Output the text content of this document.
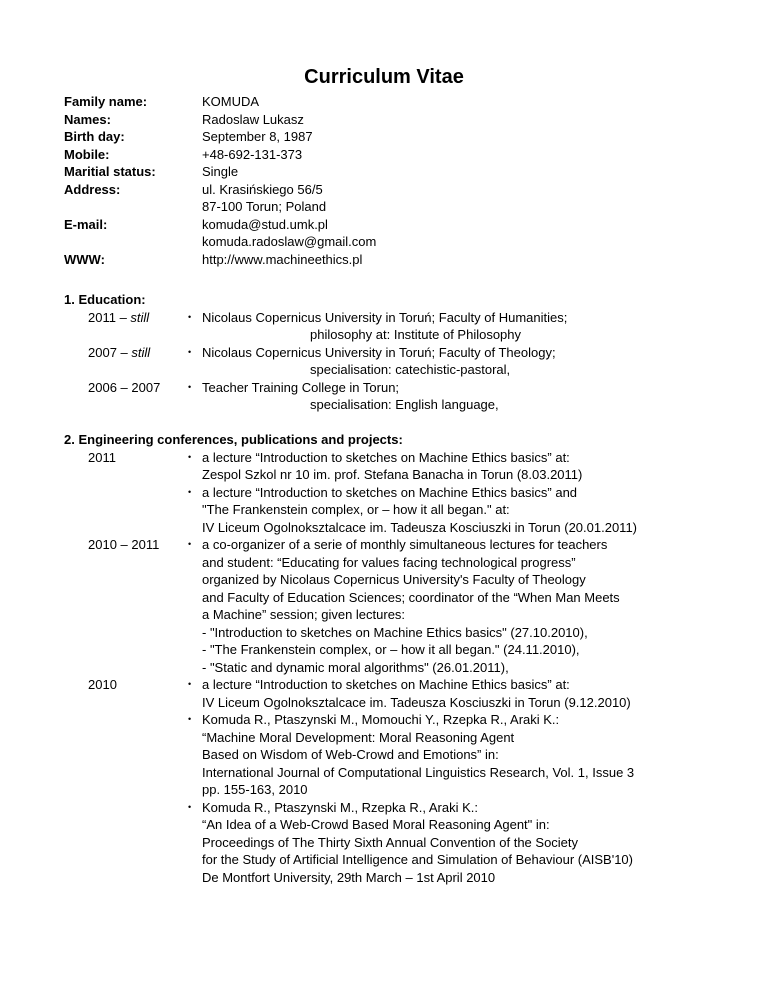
Curriculum Vitae
Family name:	KOMUDA
Names:	Radoslaw Lukasz
Birth day:	September 8, 1987
Mobile:	+48-692-131-373
Maritial status:	Single
Address:	ul. Krasińskiego 56/5
87-100 Torun; Poland
E-mail:	komuda@stud.umk.pl
komuda.radoslaw@gmail.com
WWW:	http://www.machineethics.pl
1. Education:
2011 – still	• Nicolaus Copernicus University in Toruń; Faculty of Humanities;
philosophy at: Institute of Philosophy
2007 – still	• Nicolaus Copernicus University in Toruń; Faculty of Theology;
specialisation: catechistic-pastoral,
2006 – 2007	• Teacher Training College in Torun;
specialisation: English language,
2. Engineering conferences, publications and projects:
2011	• a lecture “Introduction to sketches on Machine Ethics basics” at:
Zespol Szkol nr 10 im. prof. Stefana Banacha in Torun (8.03.2011)
• a lecture “Introduction to sketches on Machine Ethics basics” and
"The Frankenstein complex, or – how it all began." at:
IV Liceum Ogolnoksztalcace im. Tadeusza Kosciuszki in Torun (20.01.2011)
2010 – 2011	• a co-organizer of a serie of monthly simultaneous lectures for teachers
and student: “Educating for values facing technological progress”
organized by Nicolaus Copernicus University's Faculty of Theology
and Faculty of Education Sciences; coordinator of the “When Man Meets
a Machine” session; given lectures:
- "Introduction to sketches on Machine Ethics basics" (27.10.2010),
- "The Frankenstein complex, or – how it all began." (24.11.2010),
- "Static and dynamic moral algorithms" (26.01.2011),
2010	• a lecture “Introduction to sketches on Machine Ethics basics” at:
IV Liceum Ogolnoksztalcace im. Tadeusza Kosciuszki in Torun (9.12.2010)
• Komuda R., Ptaszynski M., Momouchi Y., Rzepka R., Araki K.:
“Machine Moral Development: Moral Reasoning Agent
Based on Wisdom of Web-Crowd and Emotions” in:
International Journal of Computational Linguistics Research, Vol. 1, Issue 3
pp. 155-163, 2010
• Komuda R., Ptaszynski M., Rzepka R., Araki K.:
“An Idea of a Web-Crowd Based Moral Reasoning Agent" in:
Proceedings of The Thirty Sixth Annual Convention of the Society
for the Study of Artificial Intelligence and Simulation of Behaviour (AISB'10)
De Montfort University, 29th March – 1st April 2010
